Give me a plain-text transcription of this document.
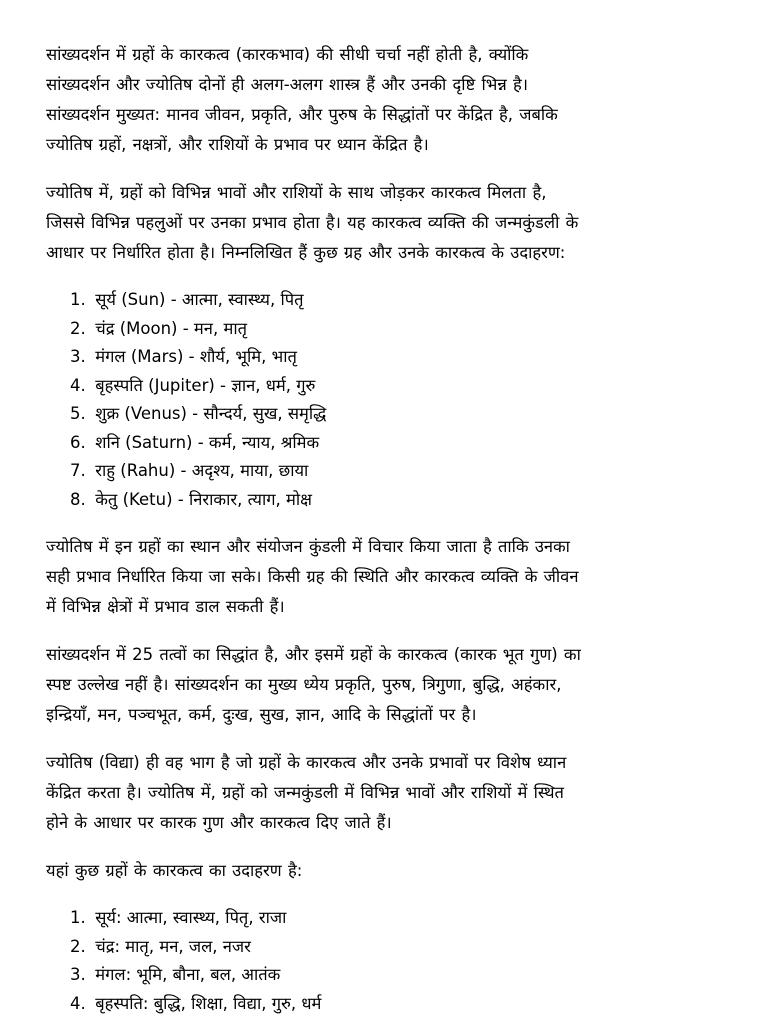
सांख्यदर्शन में ग्रहों के कारकत्व (कारकभाव) की सीधी चर्चा नहीं होती है, क्योंकि
सांख्यदर्शन और ज्योतिष दोनों ही अलग-अलग शास्त्र हैं और उनकी दृष्टि भिन्न है।
सांख्यदर्शन मुख्यत: मानव जीवन, प्रकृति, और पुरुष के सिद्धांतों पर केंद्रित है, जबकि
ज्योतिष ग्रहों, नक्षत्रों, और राशियों के प्रभाव पर ध्यान केंद्रित है।

ज्योतिष में, ग्रहों को विभिन्न भावों और राशियों के साथ जोड़कर कारकत्व मिलता है,
जिससे विभिन्न पहलुओं पर उनका प्रभाव होता है। यह कारकत्व व्यक्ति की जन्मकुंडली के
आधार पर निर्धारित होता है। निम्नलिखित हैं कुछ ग्रह और उनके कारकत्व के उदाहरण:

1. सूर्य (Sun) - आत्मा, स्वास्थ्य, पितृ
2. चंद्र (Moon) - मन, मातृ
3. मंगल (Mars) - शौर्य, भूमि, भातृ
4. बृहस्पति (Jupiter) - ज्ञान, धर्म, गुरु
5. शुक्र (Venus) - सौन्दर्य, सुख, समृद्धि
6. शनि (Saturn) - कर्म, न्याय, श्रमिक
7. राहु (Rahu) - अदृश्य, माया, छाया
8. केतु (Ketu) - निराकार, त्याग, मोक्ष

ज्योतिष में इन ग्रहों का स्थान और संयोजन कुंडली में विचार किया जाता है ताकि उनका
सही प्रभाव निर्धारित किया जा सके। किसी ग्रह की स्थिति और कारकत्व व्यक्ति के जीवन
में विभिन्न क्षेत्रों में प्रभाव डाल सकती हैं।

सांख्यदर्शन में 25 तत्वों का सिद्धांत है, और इसमें ग्रहों के कारकत्व (कारक भूत गुण) का
स्पष्ट उल्लेख नहीं है। सांख्यदर्शन का मुख्य ध्येय प्रकृति, पुरुष, त्रिगुणा, बुद्धि, अहंकार,
इन्द्रियाँ, मन, पञ्चभूत, कर्म, दुःख, सुख, ज्ञान, आदि के सिद्धांतों पर है।

ज्योतिष (विद्या) ही वह भाग है जो ग्रहों के कारकत्व और उनके प्रभावों पर विशेष ध्यान
केंद्रित करता है। ज्योतिष में, ग्रहों को जन्मकुंडली में विभिन्न भावों और राशियों में स्थित
होने के आधार पर कारक गुण और कारकत्व दिए जाते हैं।

यहां कुछ ग्रहों के कारकत्व का उदाहरण है:

1. सूर्य: आत्मा, स्वास्थ्य, पितृ, राजा
2. चंद्र: मातृ, मन, जल, नजर
3. मंगल: भूमि, बौना, बल, आतंक
4. बृहस्पति: बुद्धि, शिक्षा, विद्या, गुरु, धर्म
